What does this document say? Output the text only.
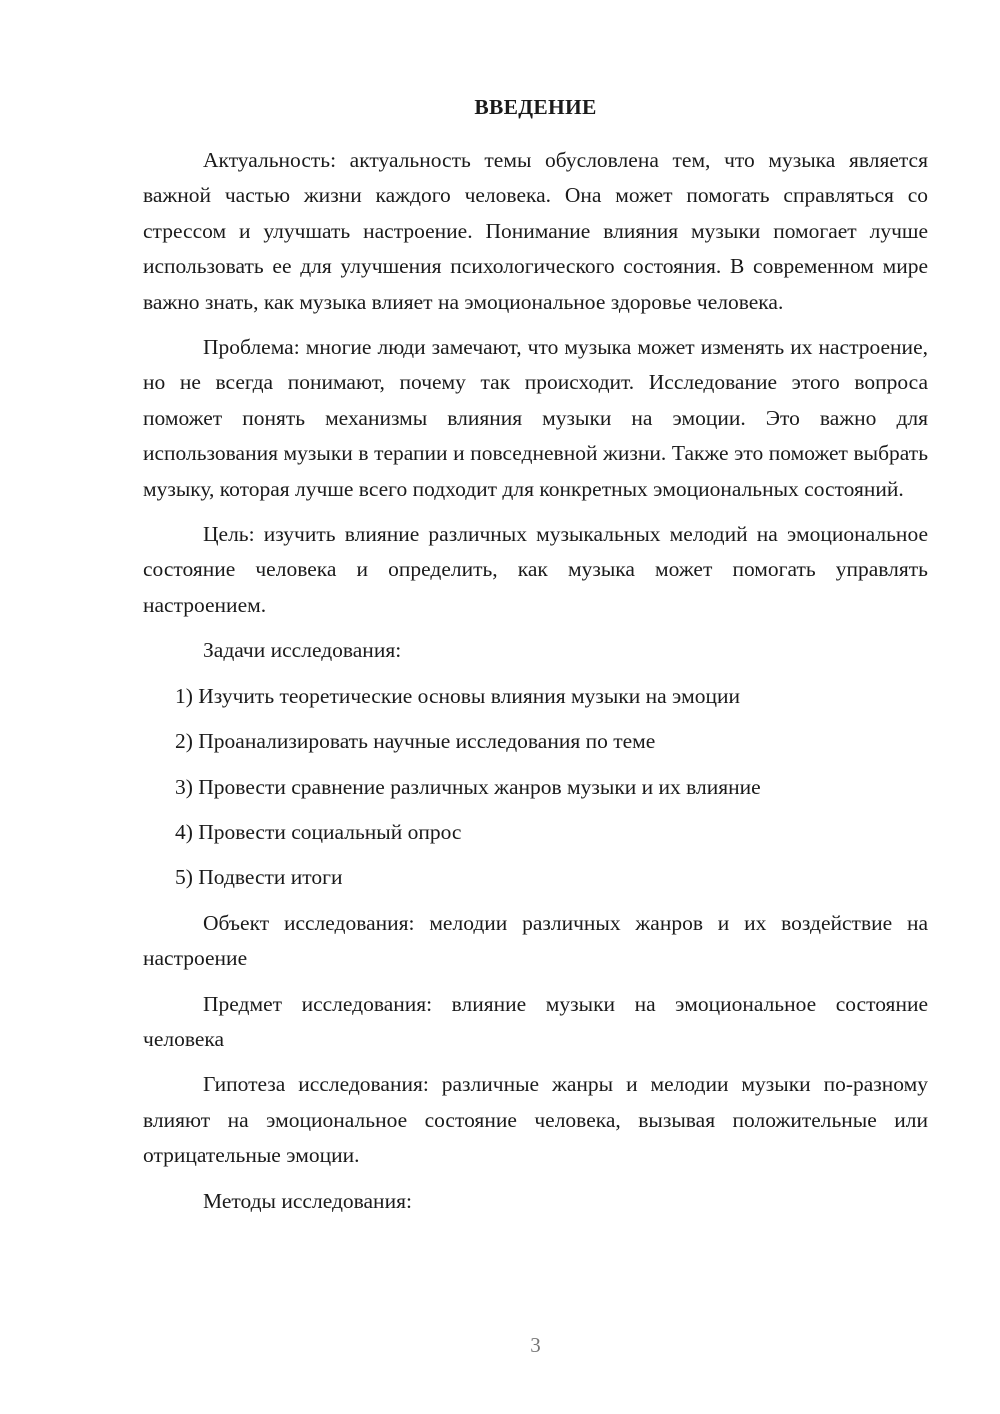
ВВЕДЕНИЕ

Актуальность: актуальность темы обусловлена тем, что музыка является важной частью жизни каждого человека. Она может помогать справляться со стрессом и улучшать настроение. Понимание влияния музыки помогает лучше использовать ее для улучшения психологического состояния. В современном мире важно знать, как музыка влияет на эмоциональное здоровье человека.

Проблема: многие люди замечают, что музыка может изменять их настроение, но не всегда понимают, почему так происходит. Исследование этого вопроса поможет понять механизмы влияния музыки на эмоции. Это важно для использования музыки в терапии и повседневной жизни. Также это поможет выбрать музыку, которая лучше всего подходит для конкретных эмоциональных состояний.

Цель: изучить влияние различных музыкальных мелодий на эмоциональное состояние человека и определить, как музыка может помогать управлять настроением.

Задачи исследования:

1) Изучить теоретические основы влияния музыки на эмоции

2) Проанализировать научные исследования по теме

3) Провести сравнение различных жанров музыки и их влияние

4) Провести социальный опрос

5) Подвести итоги

Объект исследования: мелодии различных жанров и их воздействие на настроение

Предмет исследования: влияние музыки на эмоциональное состояние человека

Гипотеза исследования: различные жанры и мелодии музыки по-разному влияют на эмоциональное состояние человека, вызывая положительные или отрицательные эмоции.

Методы исследования:

3
